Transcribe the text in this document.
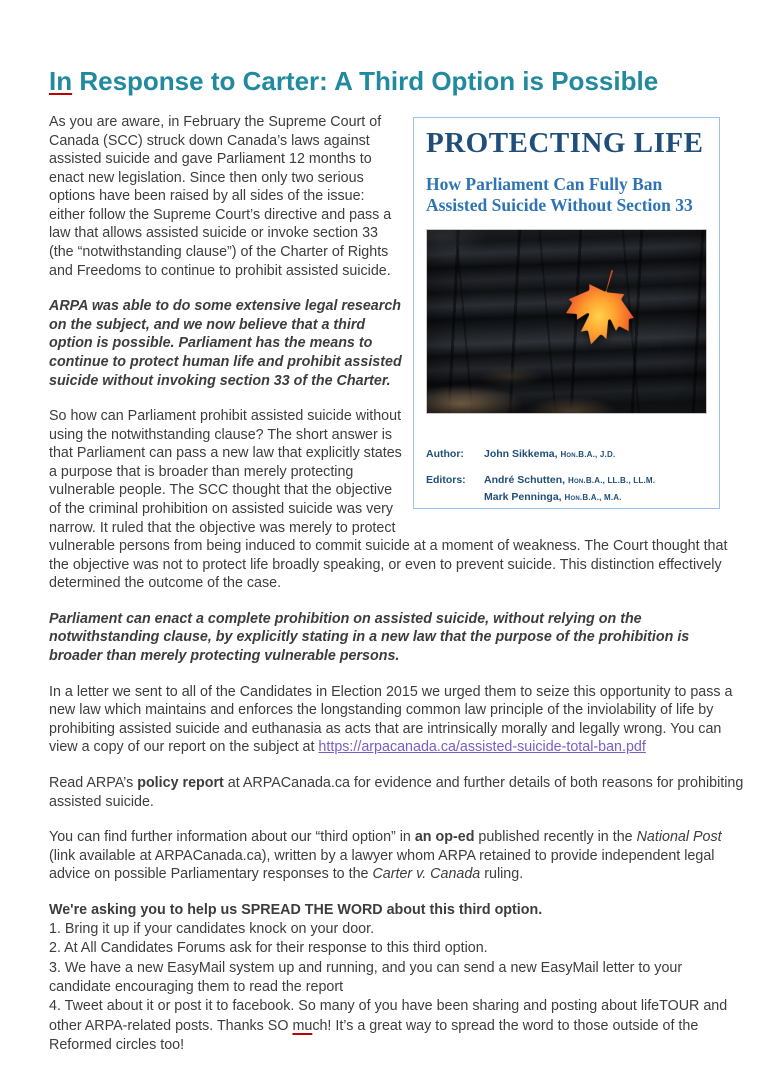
In Response to Carter: A Third Option is Possible
PROTECTING LIFE
How Parliament Can Fully Ban
Assisted Suicide Without Section 33
Author:	John Sikkema, Hon.B.A., J.D.
Editors: André Schutten, Hon.B.A., LL.B., LL.M.
Mark Penninga, Hon.B.A., M.A.

As you are aware, in February the Supreme Court of Canada (SCC) struck down Canada’s laws against assisted suicide and gave Parliament 12 months to enact new legislation. Since then only two serious options have been raised by all sides of the issue: either follow the Supreme Court’s directive and pass a law that allows assisted suicide or invoke section 33 (the “notwithstanding clause”) of the Charter of Rights and Freedoms to continue to prohibit assisted suicide.

ARPA was able to do some extensive legal research on the subject, and we now believe that a third option is possible. Parliament has the means to continue to protect human life and prohibit assisted suicide without invoking section 33 of the Charter.

So how can Parliament prohibit assisted suicide without using the notwithstanding clause? The short answer is that Parliament can pass a new law that explicitly states a purpose that is broader than merely protecting vulnerable people. The SCC thought that the objective of the criminal prohibition on assisted suicide was very narrow. It ruled that the objective was merely to protect vulnerable persons from being induced to commit suicide at a moment of weakness. The Court thought that the objective was not to protect life broadly speaking, or even to prevent suicide. This distinction effectively determined the outcome of the case.

Parliament can enact a complete prohibition on assisted suicide, without relying on the notwithstanding clause, by explicitly stating in a new law that the purpose of the prohibition is broader than merely protecting vulnerable persons.

In a letter we sent to all of the Candidates in Election 2015 we urged them to seize this opportunity to pass a new law which maintains and enforces the longstanding common law principle of the inviolability of life by prohibiting assisted suicide and euthanasia as acts that are intrinsically morally and legally wrong. You can view a copy of our report on the subject at https://arpacanada.ca/assisted-suicide-total-ban.pdf

Read ARPA’s policy report at ARPACanada.ca for evidence and further details of both reasons for prohibiting assisted suicide.

You can find further information about our “third option” in an op-ed published recently in the National Post (link available at ARPACanada.ca), written by a lawyer whom ARPA retained to provide independent legal advice on possible Parliamentary responses to the Carter v. Canada ruling.

We're asking you to help us SPREAD THE WORD about this third option.
1. Bring it up if your candidates knock on your door.
2. At All Candidates Forums ask for their response to this third option.
3. We have a new EasyMail system up and running, and you can send a new EasyMail letter to your candidate encouraging them to read the report
4. Tweet about it or post it to facebook. So many of you have been sharing and posting about lifeTOUR and other ARPA-related posts. Thanks SO much! It’s a great way to spread the word to those outside of the Reformed circles too!
